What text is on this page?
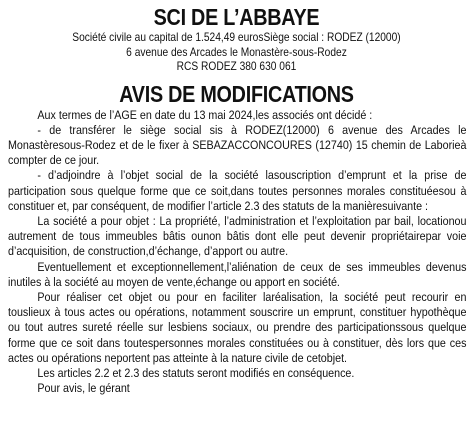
SCI DE L’ABBAYE
Société civile au capital de 1.524,49 eurosSiège social : RODEZ (12000)
6 avenue des Arcades le Monastère-sous-Rodez
RCS RODEZ 380 630 061
AVIS DE MODIFICATIONS

Aux termes de l’AGE en date du 13 mai 2024,les associés ont décidé :

- de transférer le siège social sis à RODEZ(12000) 6 avenue des Arcades le Monastèresous-Rodez et de le fixer à SEBAZACCONCOURES (12740) 15 chemin de Laborieà compter de ce jour.

- d’adjoindre à l’objet social de la société lasouscription d’emprunt et la prise de participation sous quelque forme que ce soit,dans toutes personnes morales constituéesou à constituer et, par conséquent, de modifier l’article 2.3 des statuts de la manièresuivante :

La société a pour objet : La propriété, l’administration et l’exploitation par bail, locationou autrement de tous immeubles bâtis ounon bâtis dont elle peut devenir propriétairepar voie d’acquisition, de construction,d’échange, d’apport ou autre.

Eventuellement et exceptionnellement,l’aliénation de ceux de ses immeubles devenus inutiles à la société au moyen de vente,échange ou apport en société.

Pour réaliser cet objet ou pour en faciliter laréalisation, la société peut recourir en touslieux à tous actes ou opérations, notamment souscrire un emprunt, constituer hypothèque ou tout autres sureté réelle sur lesbiens sociaux, ou prendre des participationssous quelque forme que ce soit dans toutespersonnes morales constituées ou à constituer, dès lors que ces actes ou opérations neportent pas atteinte à la nature civile de cetobjet.

Les articles 2.2 et 2.3 des statuts seront modifiés en conséquence.

Pour avis, le gérant
